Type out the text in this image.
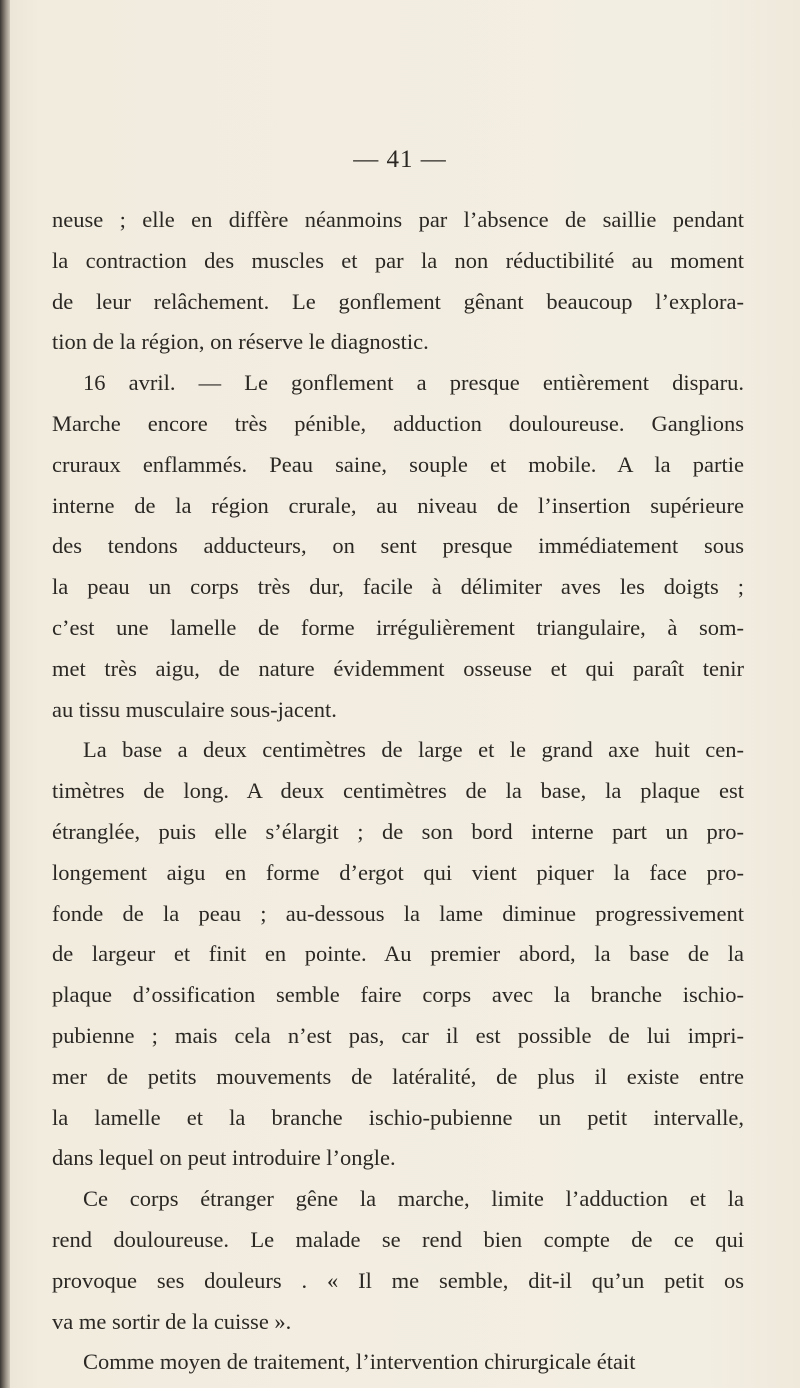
— 41 —
neuse ; elle en diffère néanmoins par l’absence de saillie pendant
la contraction des muscles et par la non réductibilité au moment
de leur relâchement. Le gonflement gênant beaucoup l’explora-
tion de la région, on réserve le diagnostic.
16 avril. — Le gonflement a presque entièrement disparu.
Marche encore très pénible, adduction douloureuse. Ganglions
cruraux enflammés. Peau saine, souple et mobile. A la partie
interne de la région crurale, au niveau de l’insertion supérieure
des tendons adducteurs, on sent presque immédiatement sous
la peau un corps très dur, facile à délimiter aves les doigts ;
c’est une lamelle de forme irrégulièrement triangulaire, à som-
met très aigu, de nature évidemment osseuse et qui paraît tenir
au tissu musculaire sous-jacent.
La base a deux centimètres de large et le grand axe huit cen-
timètres de long. A deux centimètres de la base, la plaque est
étranglée, puis elle s’élargit ; de son bord interne part un pro-
longement aigu en forme d’ergot qui vient piquer la face pro-
fonde de la peau ; au-dessous la lame diminue progressivement
de largeur et finit en pointe. Au premier abord, la base de la
plaque d’ossification semble faire corps avec la branche ischio-
pubienne ; mais cela n’est pas, car il est possible de lui impri-
mer de petits mouvements de latéralité, de plus il existe entre
la lamelle et la branche ischio-pubienne un petit intervalle,
dans lequel on peut introduire l’ongle.
Ce corps étranger gêne la marche, limite l’adduction et la
rend douloureuse. Le malade se rend bien compte de ce qui
provoque ses douleurs . « Il me semble, dit-il qu’un petit os
va me sortir de la cuisse ».
Comme moyen de traitement, l’intervention chirurgicale était
